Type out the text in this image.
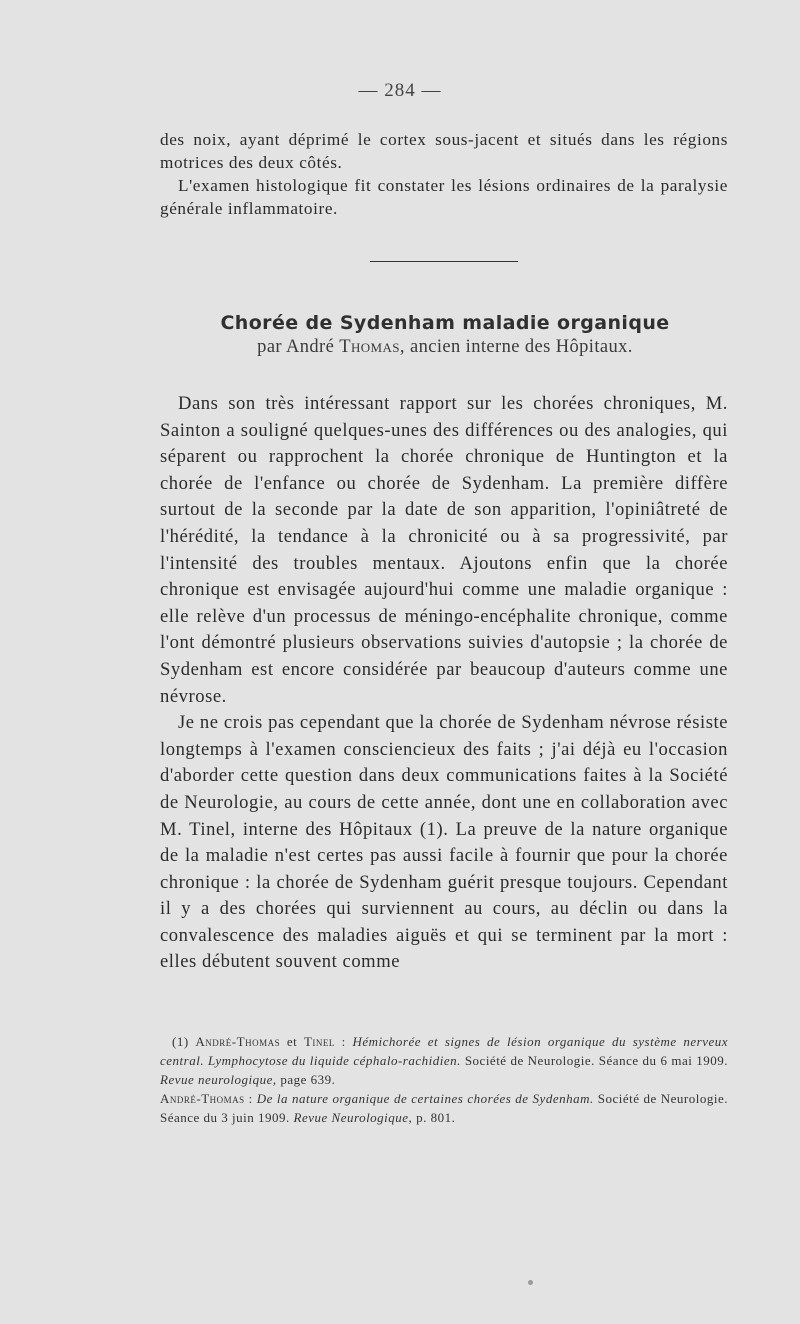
— 284 —

des noix, ayant déprimé le cortex sous-jacent et situés dans les régions motrices des deux côtés.

L'examen histologique fit constater les lésions ordinaires de la paralysie générale inflammatoire.

Chorée de Sydenham maladie organique
par André Thomas, ancien interne des Hôpitaux.

Dans son très intéressant rapport sur les chorées chroniques, M. Sainton a souligné quelques-unes des différences ou des analogies, qui séparent ou rapprochent la chorée chronique de Huntington et la chorée de l'enfance ou chorée de Sydenham. La première diffère surtout de la seconde par la date de son apparition, l'opiniâtreté de l'hérédité, la tendance à la chronicité ou à sa progressivité, par l'intensité des troubles mentaux. Ajoutons enfin que la chorée chronique est envisagée aujourd'hui comme une maladie organique : elle relève d'un processus de méningo-encéphalite chronique, comme l'ont démontré plusieurs observations suivies d'autopsie ; la chorée de Sydenham est encore considérée par beaucoup d'auteurs comme une névrose.

Je ne crois pas cependant que la chorée de Sydenham névrose résiste longtemps à l'examen consciencieux des faits ; j'ai déjà eu l'occasion d'aborder cette question dans deux communications faites à la Société de Neurologie, au cours de cette année, dont une en collaboration avec M. Tinel, interne des Hôpitaux (1). La preuve de la nature organique de la maladie n'est certes pas aussi facile à fournir que pour la chorée chronique : la chorée de Sydenham guérit presque toujours. Cependant il y a des chorées qui surviennent au cours, au déclin ou dans la convalescence des maladies aiguës et qui se terminent par la mort : elles débutent souvent comme

(1) André-Thomas et Tinel : Hémichorée et signes de lésion organique du système nerveux central. Lymphocytose du liquide céphalo-rachidien. Société de Neurologie. Séance du 6 mai 1909. Revue neurologique, page 639.

André-Thomas : De la nature organique de certaines chorées de Sydenham. Société de Neurologie. Séance du 3 juin 1909. Revue Neurologique, p. 801.
